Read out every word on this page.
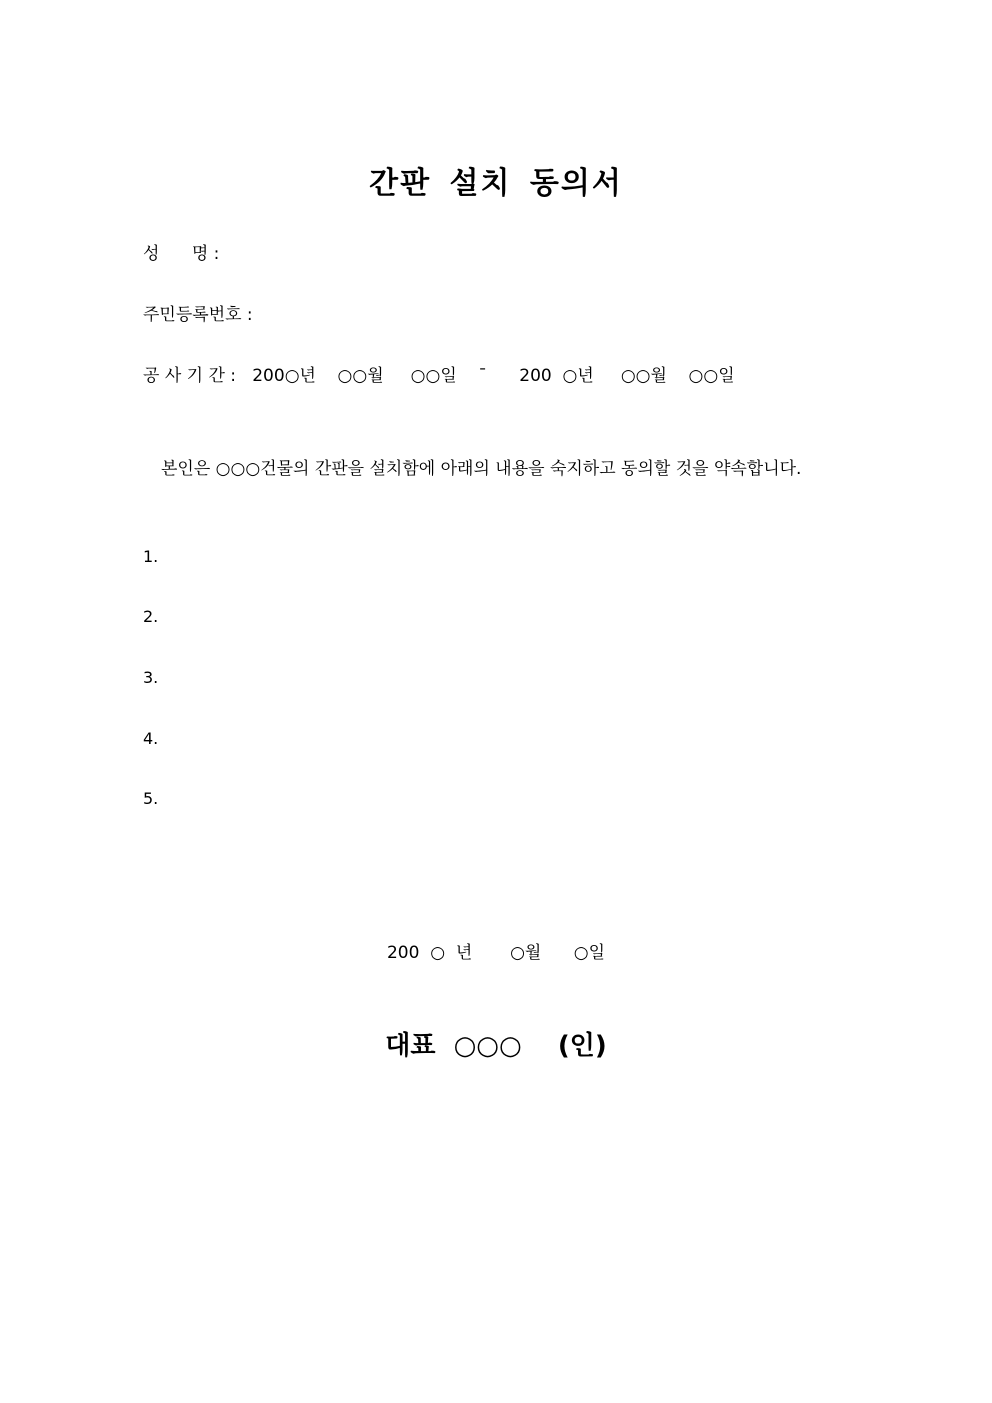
간판 설치 동의서
성      명 :
주민등록번호 :
공 사 기 간 :   200○년    ○○월     ○○일    ˉ      200  ○년     ○○월    ○○일
본인은 ○○○건물의 간판을 설치함에 아래의 내용을 숙지하고 동의할 것을 약속합니다.
1.
2.
3.
4.
5.
200  ○  년       ○월      ○일
대표  ○○○    (인)
